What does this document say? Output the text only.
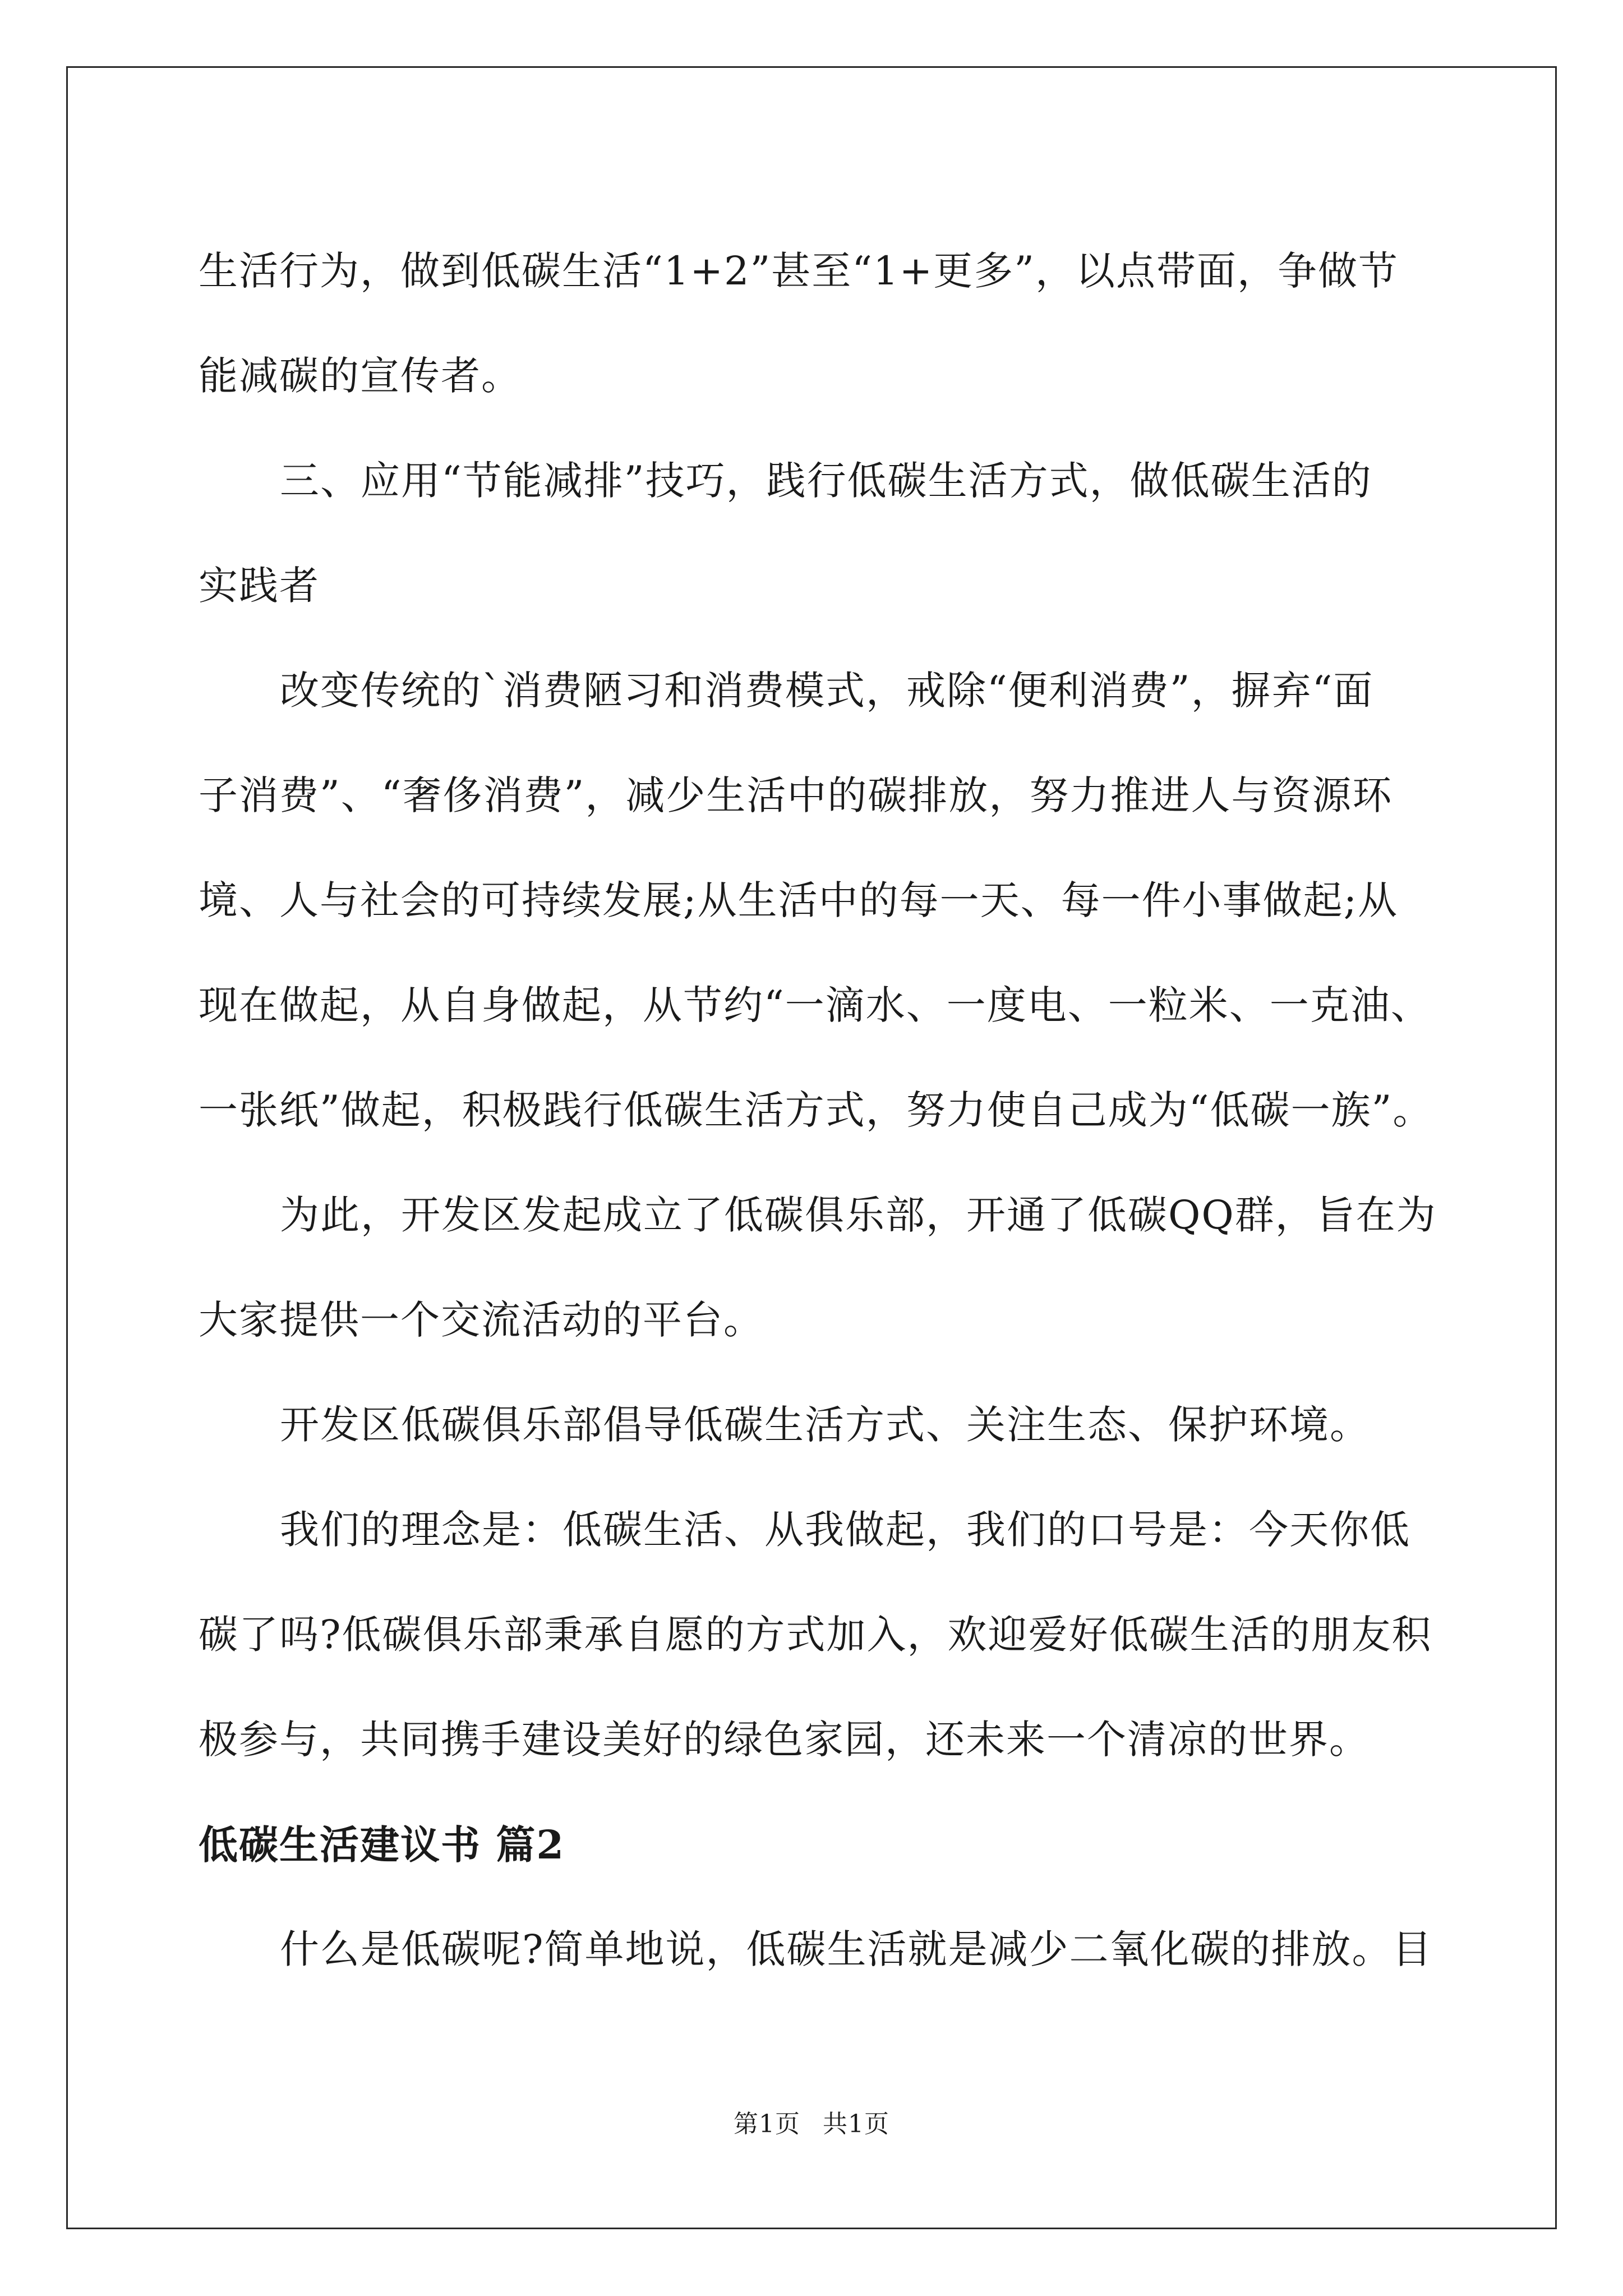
生活行为，做到低碳生活“1+2”甚至“1+更多”，以点带面，争做节

能减碳的宣传者。

三、应用“节能减排”技巧，践行低碳生活方式，做低碳生活的

实践者

改变传统的`消费陋习和消费模式，戒除“便利消费”，摒弃“面

子消费”、“奢侈消费”，减少生活中的碳排放，努力推进人与资源环

境、人与社会的可持续发展;从生活中的每一天、每一件小事做起;从

现在做起，从自身做起，从节约“一滴水、一度电、一粒米、一克油、

一张纸”做起，积极践行低碳生活方式，努力使自己成为“低碳一族”。

为此，开发区发起成立了低碳俱乐部，开通了低碳QQ群，旨在为

大家提供一个交流活动的平台。

开发区低碳俱乐部倡导低碳生活方式、关注生态、保护环境。

我们的理念是：低碳生活、从我做起，我们的口号是：今天你低

碳了吗?低碳俱乐部秉承自愿的方式加入，欢迎爱好低碳生活的朋友积

极参与，共同携手建设美好的绿色家园，还未来一个清凉的世界。

低碳生活建议书 篇2

什么是低碳呢?简单地说，低碳生活就是减少二氧化碳的排放。目

第1页 共1页
